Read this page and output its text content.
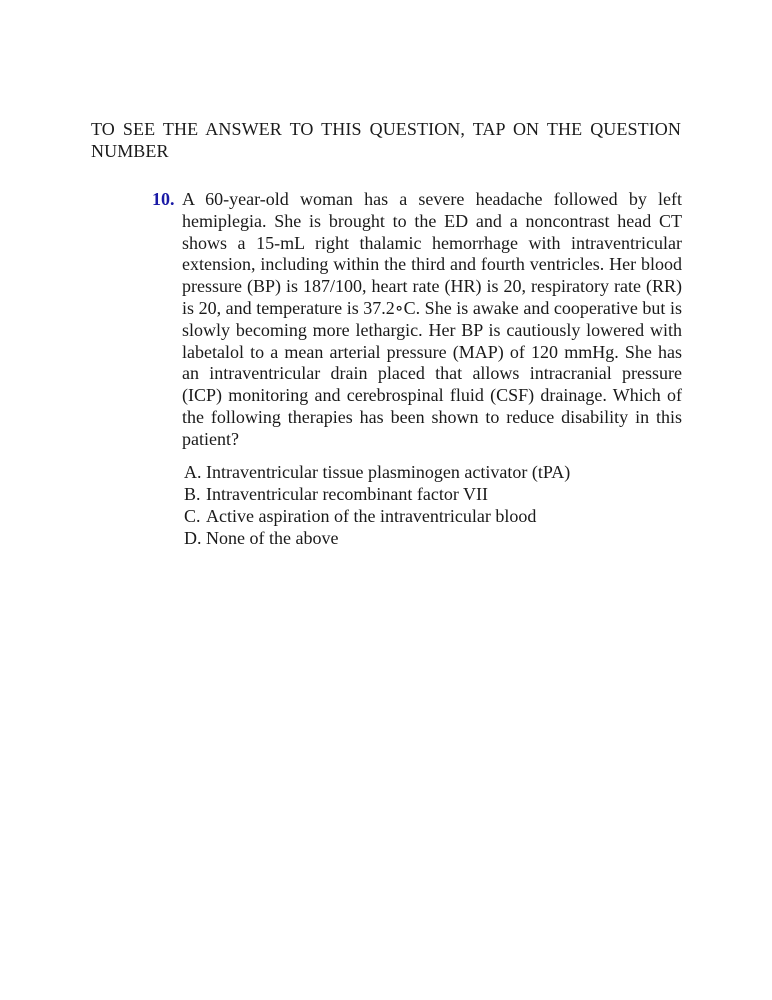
TO SEE THE ANSWER TO THIS QUESTION, TAP ON THE QUESTION NUMBER
10. A 60-year-old woman has a severe headache followed by left hemiplegia. She is brought to the ED and a noncontrast head CT shows a 15-mL right thalamic hemorrhage with intraventricular extension, including within the third and fourth ventricles. Her blood pressure (BP) is 187/100, heart rate (HR) is 20, respiratory rate (RR) is 20, and temperature is 37.2∘C. She is awake and cooperative but is slowly becoming more lethargic. Her BP is cautiously lowered with labetalol to a mean arterial pressure (MAP) of 120 mmHg. She has an intraventricular drain placed that allows intracranial pressure (ICP) monitoring and cerebrospinal fluid (CSF) drainage. Which of the following therapies has been shown to reduce disability in this patient?
A. Intraventricular tissue plasminogen activator (tPA)
B. Intraventricular recombinant factor VII
C. Active aspiration of the intraventricular blood
D. None of the above
